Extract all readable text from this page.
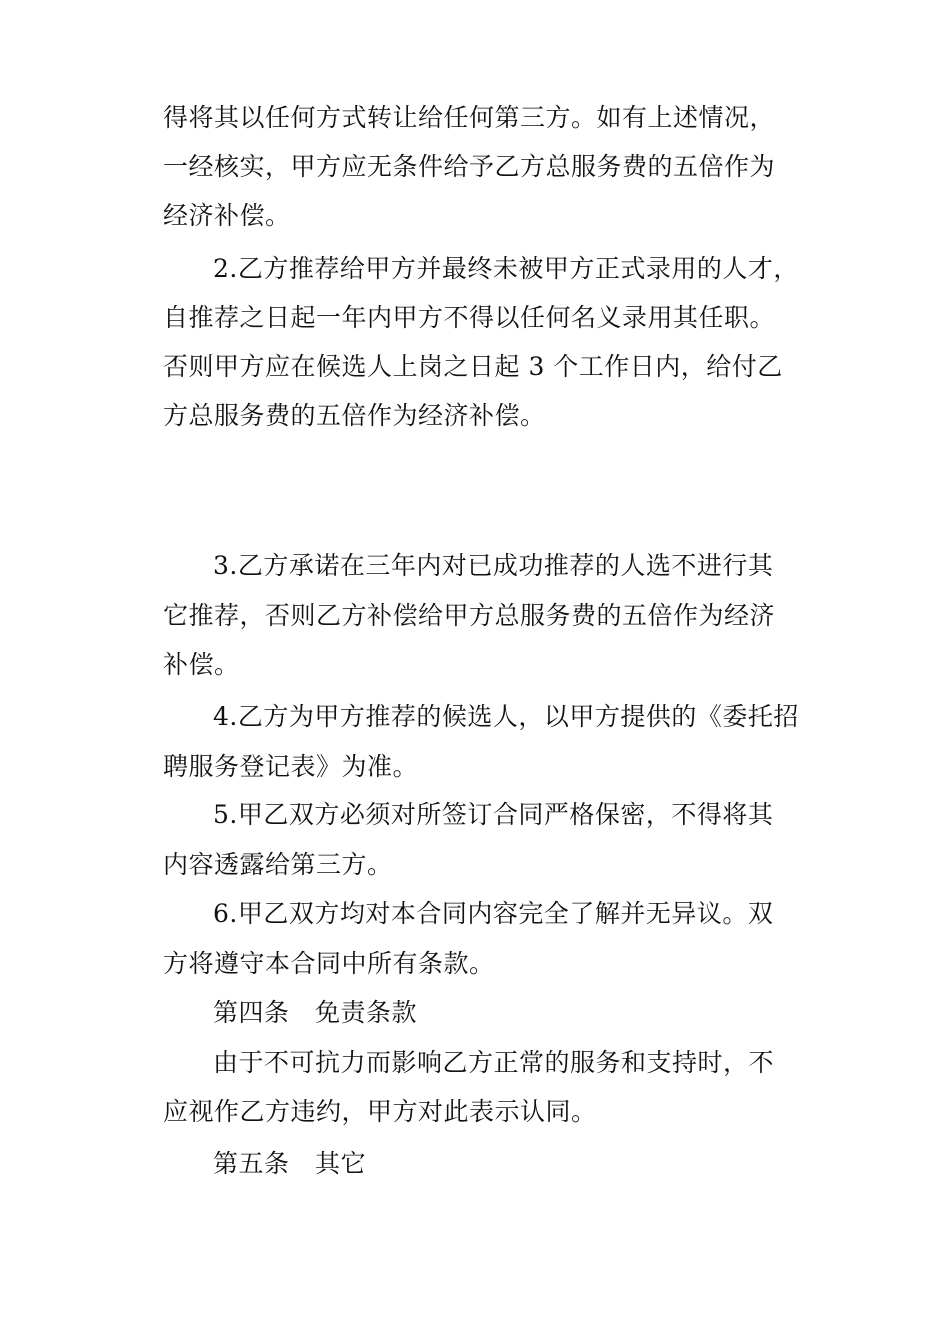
得将其以任何方式转让给任何第三方。如有上述情况，
一经核实，甲方应无条件给予乙方总服务费的五倍作为
经济补偿。
2.乙方推荐给甲方并最终未被甲方正式录用的人才，
自推荐之日起一年内甲方不得以任何名义录用其任职。
否则甲方应在候选人上岗之日起 3 个工作日内，给付乙
方总服务费的五倍作为经济补偿。
3.乙方承诺在三年内对已成功推荐的人选不进行其
它推荐，否则乙方补偿给甲方总服务费的五倍作为经济
补偿。
4.乙方为甲方推荐的候选人，以甲方提供的《委托招
聘服务登记表》为准。
5.甲乙双方必须对所签订合同严格保密，不得将其
内容透露给第三方。
6.甲乙双方均对本合同内容完全了解并无异议。双
方将遵守本合同中所有条款。
第四条　免责条款
由于不可抗力而影响乙方正常的服务和支持时，不
应视作乙方违约，甲方对此表示认同。
第五条　其它
